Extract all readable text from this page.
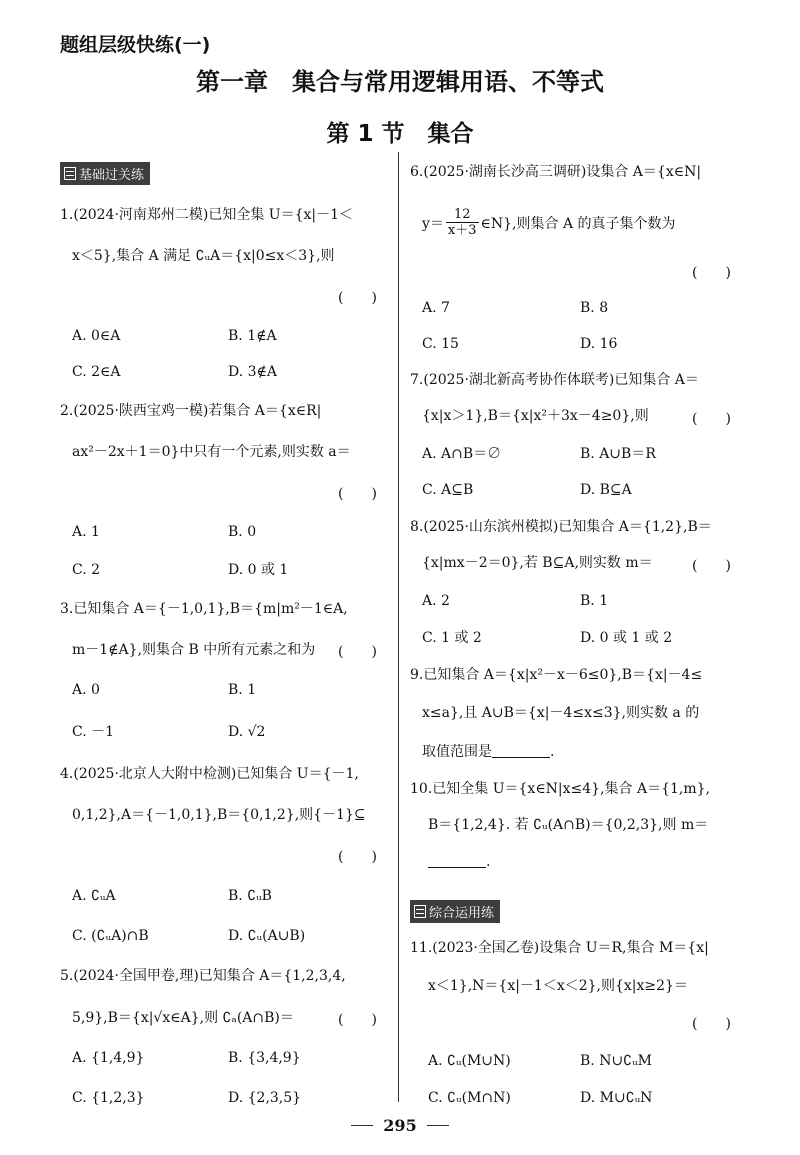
题组层级快练(一)
第一章　集合与常用逻辑用语、不等式
第 1 节　集合
基础过关练
1.(2024·河南郑州二模)已知全集 U＝{x|－1＜
x＜5},集合 A 满足 ∁ᵤA＝{x|0≤x＜3},则
(　　)
A. 0∈A	B. 1∉A
C. 2∈A	D. 3∉A
2.(2025·陕西宝鸡一模)若集合 A＝{x∈R|
ax²－2x＋1＝0}中只有一个元素,则实数 a＝
(　　)
A. 1	B. 0
C. 2	D. 0 或 1
3.已知集合 A＝{－1,0,1},B＝{m|m²－1∈A,
m－1∉A},则集合 B 中所有元素之和为 (　　)
A. 0	B. 1
C. －1	D. √2
4.(2025·北京人大附中检测)已知集合 U＝{－1,
0,1,2},A＝{－1,0,1},B＝{0,1,2},则{－1}⊆
(　　)
A. ∁ᵤA	B. ∁ᵤB
C. (∁ᵤA)∩B	D. ∁ᵤ(A∪B)
5.(2024·全国甲卷,理)已知集合 A＝{1,2,3,4,
5,9},B＝{x|√x∈A},则 ∁ₐ(A∩B)＝	(　　)
A. {1,4,9}	B. {3,4,9}
C. {1,2,3}	D. {2,3,5}
6.(2025·湖南长沙高三调研)设集合 A＝{x∈N|
$y= \frac{12}{x+3}$ ∈N},则集合 A 的真子集个数为
(　　)
A. 7	B. 8
C. 15	D. 16
7.(2025·湖北新高考协作体联考)已知集合 A＝
{x|x＞1},B＝{x|x²＋3x－4≥0},则	(　　)
A. A∩B＝∅	B. A∪B＝R
C. A⊆B	D. B⊆A
8.(2025·山东滨州模拟)已知集合 A＝{1,2},B＝
{x|mx－2＝0},若 B⊆A,则实数 m＝	(　　)
A. 2	B. 1
C. 1 或 2	D. 0 或 1 或 2
9.已知集合 A＝{x|x²－x－6≤0},B＝{x|－4≤
x≤a},且 A∪B＝{x|－4≤x≤3},则实数 a 的
取值范围是	.
10.已知全集 U＝{x∈N|x≤4},集合 A＝{1,m},
B＝{1,2,4}. 若 ∁ᵤ(A∩B)＝{0,2,3},则 m＝
.
综合运用练
11.(2023·全国乙卷)设集合 U＝R,集合 M＝{x|
x＜1},N＝{x|－1＜x＜2},则{x|x≥2}＝
(　　)
A. ∁ᵤ(M∪N)	B. N∪∁ᵤM
C. ∁ᵤ(M∩N)	D. M∪∁ᵤN
295
